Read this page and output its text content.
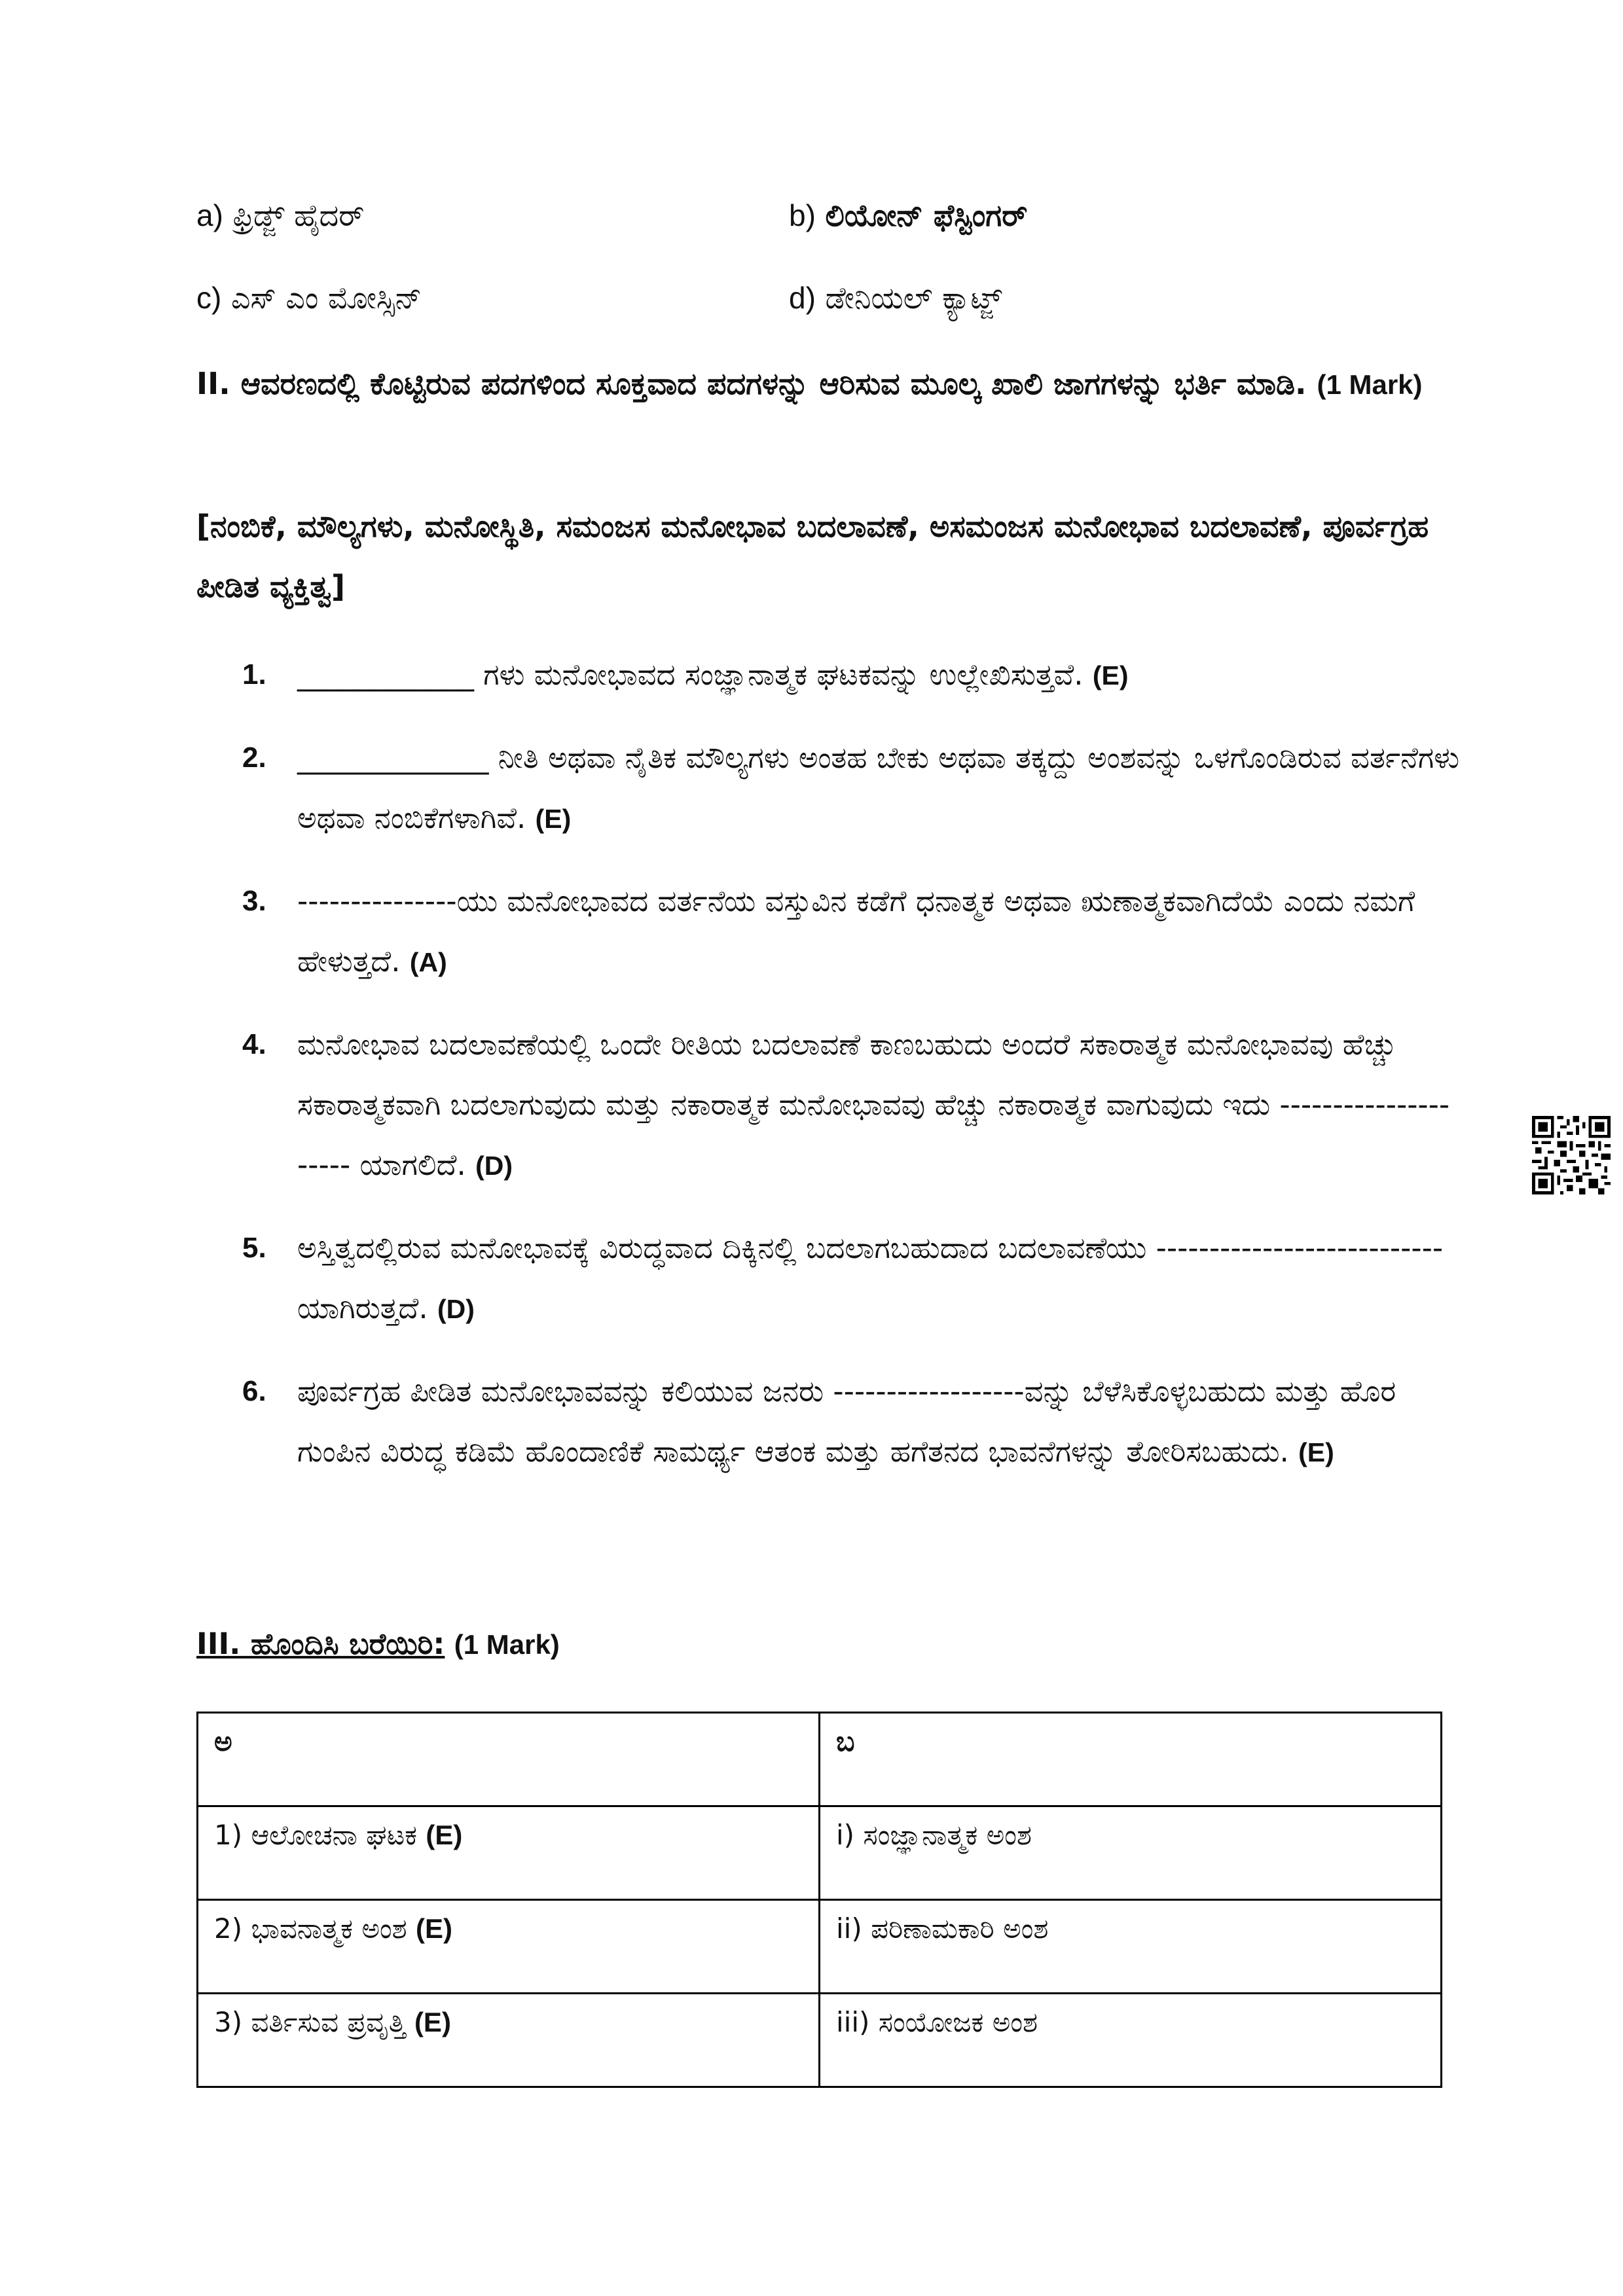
a) ಫ್ರಿಡ್ಜ್ ಹೈದರ್	b) ಲಿಯೋನ್ ಫೆಸ್ಟಿಂಗರ್
c) ಎಸ್ ಎಂ ಮೋಸ್ಸಿನ್	d) ಡೇನಿಯಲ್ ಕ್ಯಾಟ್ಜ್
II. ಆವರಣದಲ್ಲಿ ಕೊಟ್ಟಿರುವ ಪದಗಳಿಂದ ಸೂಕ್ತವಾದ ಪದಗಳನ್ನು ಆರಿಸುವ ಮೂಲ್ಕ ಖಾಲಿ ಜಾಗಗಳನ್ನು ಭರ್ತಿ ಮಾಡಿ. (1 Mark)
[ನಂಬಿಕೆ, ಮೌಲ್ಯಗಳು, ಮನೋಸ್ಥಿತಿ, ಸಮಂಜಸ ಮನೋಭಾವ ಬದಲಾವಣೆ, ಅಸಮಂಜಸ ಮನೋಭಾವ ಬದಲಾವಣೆ, ಪೂರ್ವಗ್ರಹ ಪೀಡಿತ ವ್ಯಕ್ತಿತ್ವ]
1. ____________ ಗಳು ಮನೋಭಾವದ ಸಂಜ್ಞಾನಾತ್ಮಕ ಘಟಕವನ್ನು ಉಲ್ಲೇಖಿಸುತ್ತವೆ. (E)
2. _____________ ನೀತಿ ಅಥವಾ ನೈತಿಕ ಮೌಲ್ಯಗಳು ಅಂತಹ ಬೇಕು ಅಥವಾ ತಕ್ಕದ್ದು ಅಂಶವನ್ನು ಒಳಗೊಂಡಿರುವ ವರ್ತನೆಗಳು ಅಥವಾ ನಂಬಿಕೆಗಳಾಗಿವೆ. (E)
3. ---------------ಯು ಮನೋಭಾವದ ವರ್ತನೆಯ ವಸ್ತುವಿನ ಕಡೆಗೆ ಧನಾತ್ಮಕ ಅಥವಾ ಋಣಾತ್ಮಕವಾಗಿದೆಯೆ ಎಂದು ನಮಗೆ ಹೇಳುತ್ತದೆ. (A)
4. ಮನೋಭಾವ ಬದಲಾವಣೆಯಲ್ಲಿ ಒಂದೇ ರೀತಿಯ ಬದಲಾವಣೆ ಕಾಣಬಹುದು ಅಂದರೆ ಸಕಾರಾತ್ಮಕ ಮನೋಭಾವವು ಹೆಚ್ಚು ಸಕಾರಾತ್ಮಕವಾಗಿ ಬದಲಾಗುವುದು ಮತ್ತು ನಕಾರಾತ್ಮಕ ಮನೋಭಾವವು ಹೆಚ್ಚು ನಕಾರಾತ್ಮಕ ವಾಗುವುದು ಇದು --------------------- ಯಾಗಲಿದೆ. (D)
5. ಅಸ್ತಿತ್ವದಲ್ಲಿರುವ ಮನೋಭಾವಕ್ಕೆ ವಿರುದ್ಧವಾದ ದಿಕ್ಕಿನಲ್ಲಿ ಬದಲಾಗಬಹುದಾದ ಬದಲಾವಣೆಯು --------------------------- ಯಾಗಿರುತ್ತದೆ. (D)
6. ಪೂರ್ವಗ್ರಹ ಪೀಡಿತ ಮನೋಭಾವವನ್ನು ಕಲಿಯುವ ಜನರು ------------------ವನ್ನು ಬೆಳೆಸಿಕೊಳ್ಳಬಹುದು ಮತ್ತು ಹೊರ ಗುಂಪಿನ ವಿರುದ್ಧ ಕಡಿಮೆ ಹೊಂದಾಣಿಕೆ ಸಾಮರ್ಥ್ಯ ಆತಂಕ ಮತ್ತು ಹಗೆತನದ ಭಾವನೆಗಳನ್ನು ತೋರಿಸಬಹುದು. (E)
III. ಹೊಂದಿಸಿ ಬರೆಯಿರಿ: (1 Mark)
ಅ	ಬ
1) ಆಲೋಚನಾ ಘಟಕ (E)	i) ಸಂಜ್ಞಾನಾತ್ಮಕ ಅಂಶ
2) ಭಾವನಾತ್ಮಕ ಅಂಶ (E)	ii) ಪರಿಣಾಮಕಾರಿ ಅಂಶ
3) ವರ್ತಿಸುವ ಪ್ರವೃತ್ತಿ (E)	iii) ಸಂಯೋಜಕ ಅಂಶ
